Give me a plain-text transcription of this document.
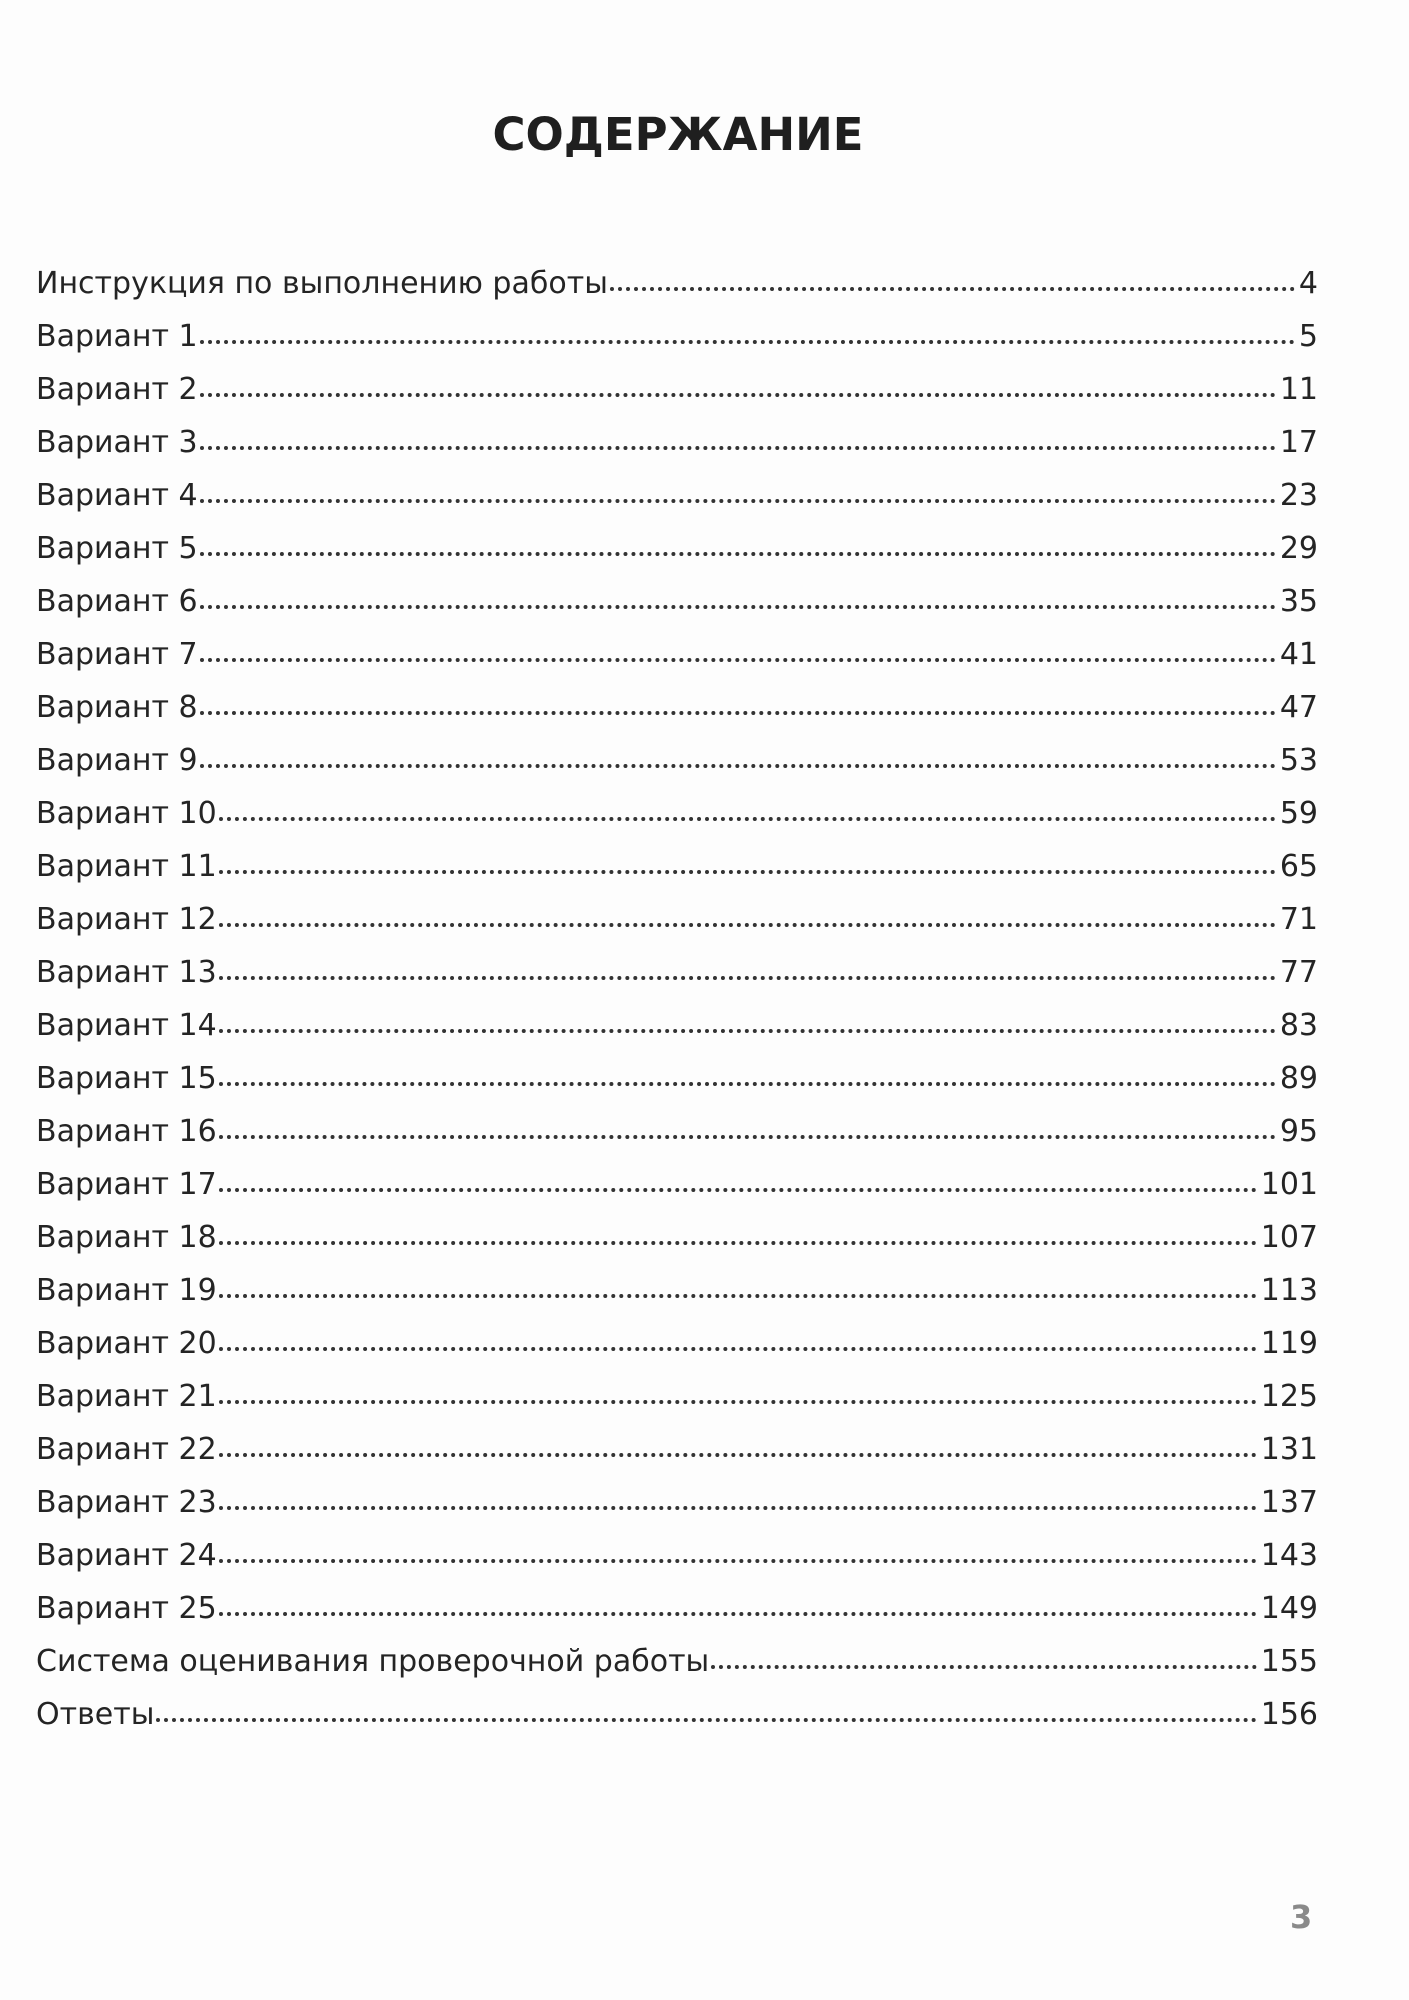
СОДЕРЖАНИЕ
Инструкция по выполнению работы	4
Вариант 1	5
Вариант 2	11
Вариант 3	17
Вариант 4	23
Вариант 5	29
Вариант 6	35
Вариант 7	41
Вариант 8	47
Вариант 9	53
Вариант 10	59
Вариант 11	65
Вариант 12	71
Вариант 13	77
Вариант 14	83
Вариант 15	89
Вариант 16	95
Вариант 17	101
Вариант 18	107
Вариант 19	113
Вариант 20	119
Вариант 21	125
Вариант 22	131
Вариант 23	137
Вариант 24	143
Вариант 25	149
Система оценивания проверочной работы	155
Ответы	156
3
